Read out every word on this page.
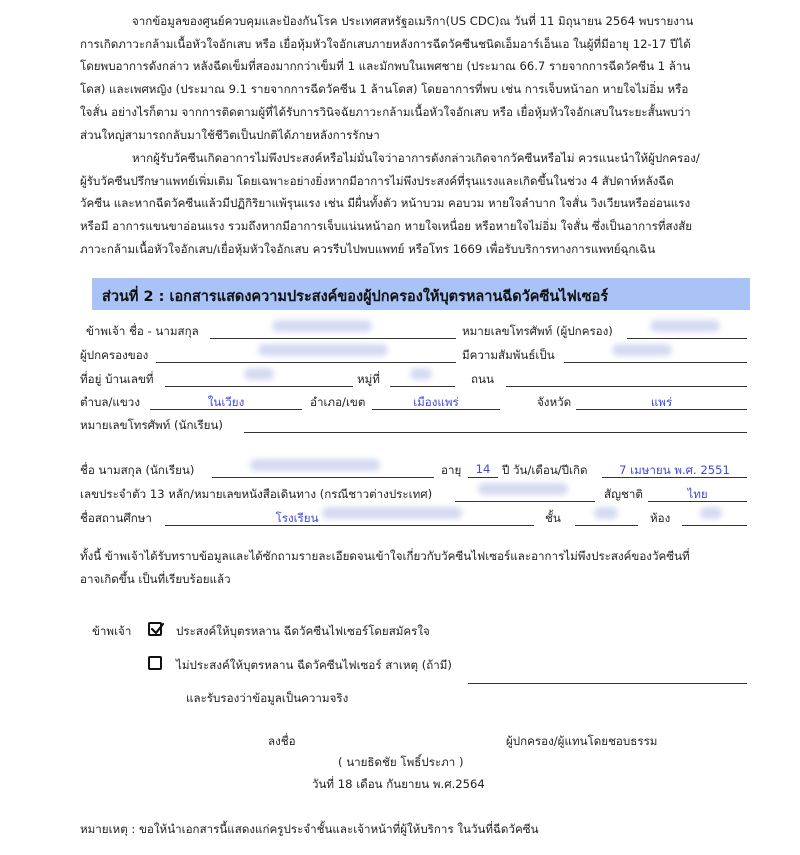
จากข้อมูลของศูนย์ควบคุมและป้องกันโรค ประเทศสหรัฐอเมริกา(US CDC)ณ วันที่ 11 มิถุนายน 2564 พบรายงาน
การเกิดภาวะกล้ามเนื้อหัวใจอักเสบ หรือ เยื่อหุ้มหัวใจอักเสบภายหลังการฉีดวัคซีนชนิดเอ็มอาร์เอ็นเอ ในผู้ที่มีอายุ 12-17 ปีได้
โดยพบอาการดังกล่าว หลังฉีดเข็มที่สองมากกว่าเข็มที่ 1 และมักพบในเพศชาย (ประมาณ 66.7 รายจากการฉีดวัคซีน 1 ล้าน
โดส) และเพศหญิง (ประมาณ 9.1 รายจากการฉีดวัคซีน 1 ล้านโดส) โดยอาการที่พบ เช่น การเจ็บหน้าอก หายใจไม่อิ่ม หรือ
ใจสั่น อย่างไรก็ตาม จากการติดตามผู้ที่ได้รับการวินิจฉัยภาวะกล้ามเนื้อหัวใจอักเสบ หรือ เยื่อหุ้มหัวใจอักเสบในระยะสั้นพบว่า
ส่วนใหญ่สามารถกลับมาใช้ชีวิตเป็นปกติได้ภายหลังการรักษา
หากผู้รับวัคซีนเกิดอาการไม่พึงประสงค์หรือไม่มั่นใจว่าอาการดังกล่าวเกิดจากวัคซีนหรือไม่ ควรแนะนำให้ผู้ปกครอง/
ผู้รับวัคซีนปรึกษาแพทย์เพิ่มเติม โดยเฉพาะอย่างยิ่งหากมีอาการไม่พึงประสงค์ที่รุนแรงและเกิดขึ้นในช่วง 4 สัปดาห์หลังฉีด
วัคซีน และหากฉีดวัคซีนแล้วมีปฏิกิริยาแพ้รุนแรง เช่น มีผื่นทั้งตัว หน้าบวม คอบวม หายใจลำบาก ใจสั่น วิงเวียนหรืออ่อนแรง
หรือมี อาการแขนขาอ่อนแรง รวมถึงหากมีอาการเจ็บแน่นหน้าอก หายใจเหนื่อย หรือหายใจไม่อิ่ม ใจสั่น ซึ่งเป็นอาการที่สงสัย
ภาวะกล้ามเนื้อหัวใจอักเสบ/เยื่อหุ้มหัวใจอักเสบ ควรรีบไปพบแพทย์ หรือโทร 1669 เพื่อรับบริการทางการแพทย์ฉุกเฉิน
ส่วนที่ 2 : เอกสารแสดงความประสงค์ของผู้ปกครองให้บุตรหลานฉีดวัคซีนไฟเซอร์
ข้าพเจ้า ชื่อ - นามสกุล	หมายเลขโทรศัพท์ (ผู้ปกครอง)
ผู้ปกครองของ	มีความสัมพันธ์เป็น
ที่อยู่ บ้านเลขที่	หมู่ที่	ถนน
ตำบล/แขวง	ในเวียง	อำเภอ/เขต	เมืองแพร่	จังหวัด	แพร่
หมายเลขโทรศัพท์ (นักเรียน)
ชื่อ นามสกุล (นักเรียน)	อายุ	14	ปี วัน/เดือน/ปีเกิด	7 เมษายน พ.ศ. 2551
เลขประจำตัว 13 หลัก/หมายเลขหนังสือเดินทาง (กรณีชาวต่างประเทศ)	สัญชาติ	ไทย
ชื่อสถานศึกษา	โรงเรียน	ชั้น	ห้อง
ทั้งนี้ ข้าพเจ้าได้รับทราบข้อมูลและได้ซักถามรายละเอียดจนเข้าใจเกี่ยวกับวัคซีนไฟเซอร์และอาการไม่พึงประสงค์ของวัคซีนที่
อาจเกิดขึ้น เป็นที่เรียบร้อยแล้ว
ข้าพเจ้า	ประสงค์ให้บุตรหลาน ฉีดวัคซีนไฟเซอร์โดยสมัครใจ
ไม่ประสงค์ให้บุตรหลาน ฉีดวัคซีนไฟเซอร์ สาเหตุ (ถ้ามี)
และรับรองว่าข้อมูลเป็นความจริง
ลงชื่อ	ผู้ปกครอง/ผู้แทนโดยชอบธรรม
( นายธิดชัย โพธิ์ประภา )
วันที่ 18 เดือน กันยายน พ.ศ.2564
หมายเหตุ : ขอให้นำเอกสารนี้แสดงแก่ครูประจำชั้นและเจ้าหน้าที่ผู้ให้บริการ ในวันที่ฉีดวัคซีน
